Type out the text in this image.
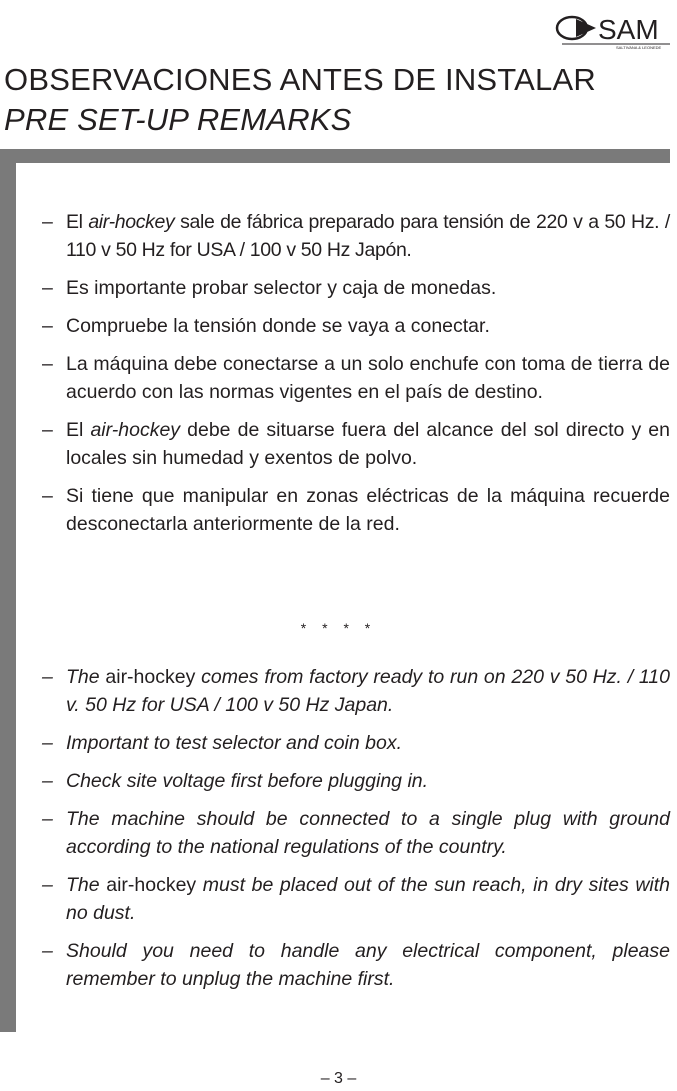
SAM
SALTIVANA & LEONEDE
OBSERVACIONES ANTES DE INSTALAR
PRE SET-UP REMARKS
– El air-hockey sale de fábrica preparado para tensión de 220 v a 50 Hz. / 110 v 50 Hz for USA / 100 v 50 Hz Japón.
– Es importante probar selector y caja de monedas.
– Compruebe la tensión donde se vaya a conectar.
– La máquina debe conectarse a un solo enchufe con toma de tierra de acuerdo con las normas vigentes en el país de destino.
– El air-hockey debe de situarse fuera del alcance del sol directo y en locales sin humedad y exentos de polvo.
– Si tiene que manipular en zonas eléctricas de la máquina recuerde desconectarla anteriormente de la red.
* * * *
– The air-hockey comes from factory ready to run on 220 v 50 Hz. / 110 v. 50 Hz for USA / 100 v 50 Hz Japan.
– Important to test selector and coin box.
– Check site voltage first before plugging in.
– The machine should be connected to a single plug with ground according to the national regulations of the country.
– The air-hockey must be placed out of the sun reach, in dry sites with no dust.
– Should you need to handle any electrical component, please remember to unplug the machine first.
– 3 –
